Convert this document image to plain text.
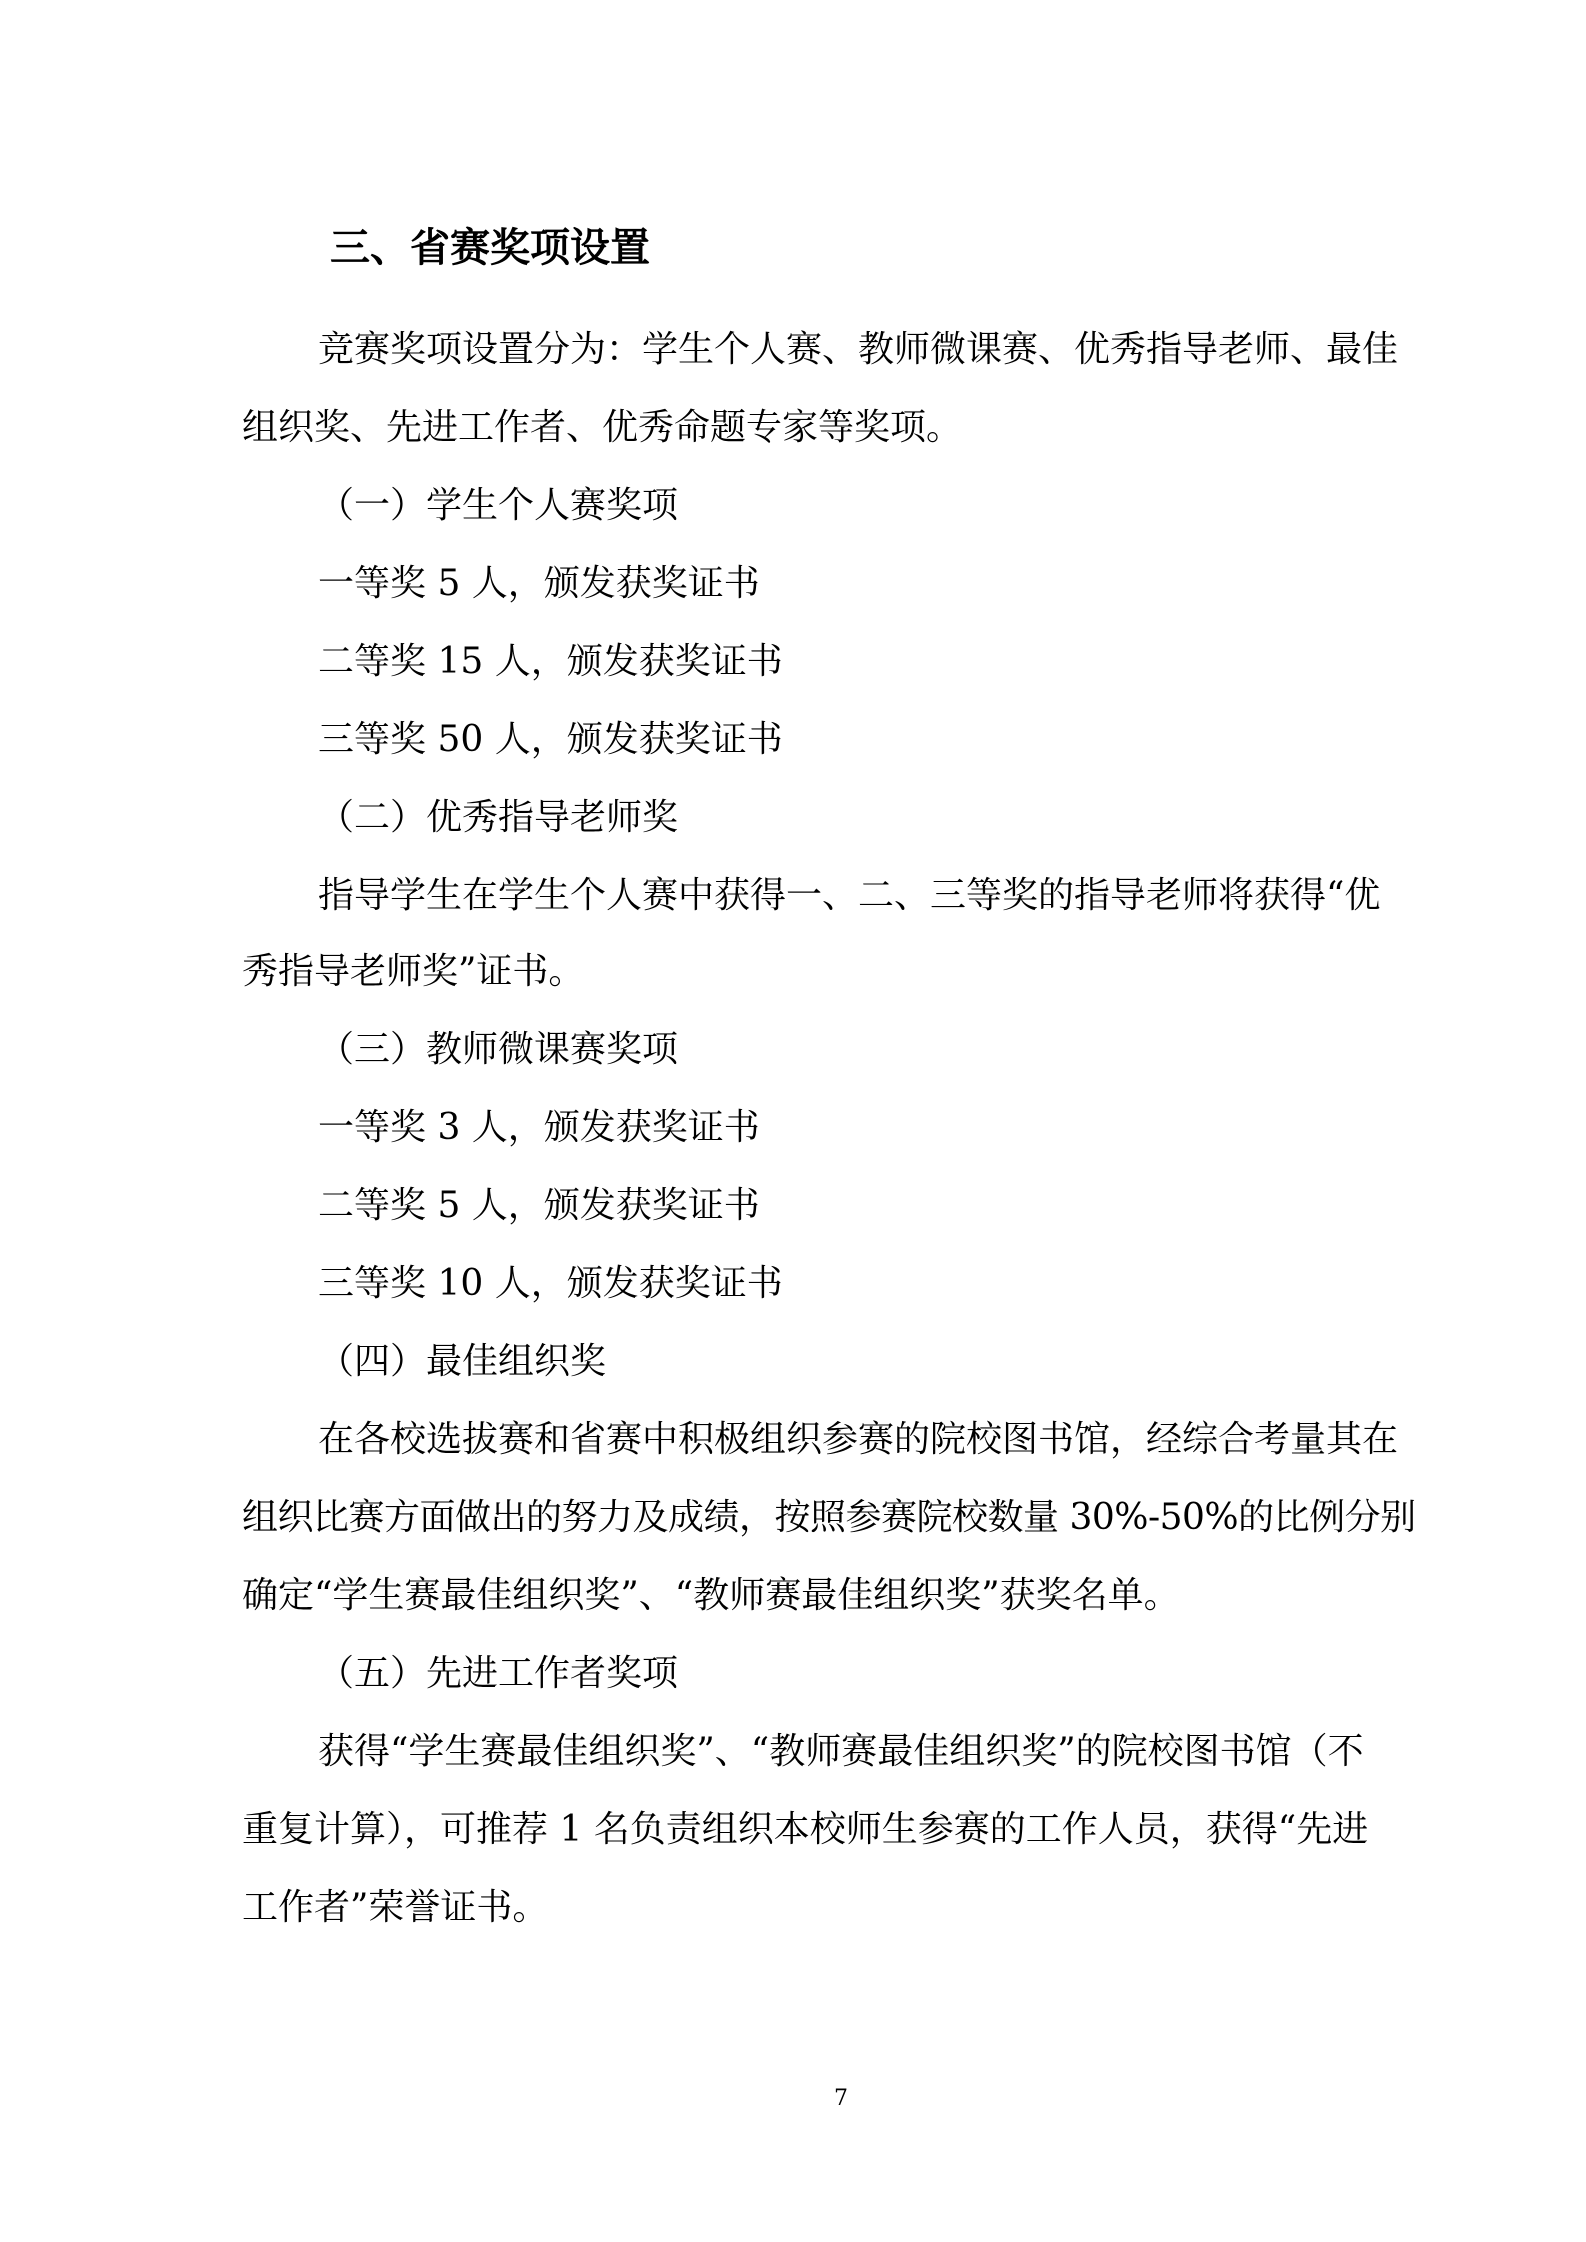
三、省赛奖项设置

竞赛奖项设置分为：学生个人赛、教师微课赛、优秀指导老师、最佳

组织奖、先进工作者、优秀命题专家等奖项。

（一）学生个人赛奖项

一等奖 5 人，颁发获奖证书

二等奖 15 人，颁发获奖证书

三等奖 50 人，颁发获奖证书

（二）优秀指导老师奖

指导学生在学生个人赛中获得一、二、三等奖的指导老师将获得“优

秀指导老师奖”证书。

（三）教师微课赛奖项

一等奖 3 人，颁发获奖证书

二等奖 5 人，颁发获奖证书

三等奖 10 人，颁发获奖证书

（四）最佳组织奖

在各校选拔赛和省赛中积极组织参赛的院校图书馆，经综合考量其在

组织比赛方面做出的努力及成绩，按照参赛院校数量 30%-50%的比例分别

确定“学生赛最佳组织奖”、“教师赛最佳组织奖”获奖名单。

（五）先进工作者奖项

获得“学生赛最佳组织奖”、“教师赛最佳组织奖”的院校图书馆（不

重复计算），可推荐 1 名负责组织本校师生参赛的工作人员，获得“先进

工作者”荣誉证书。

7
